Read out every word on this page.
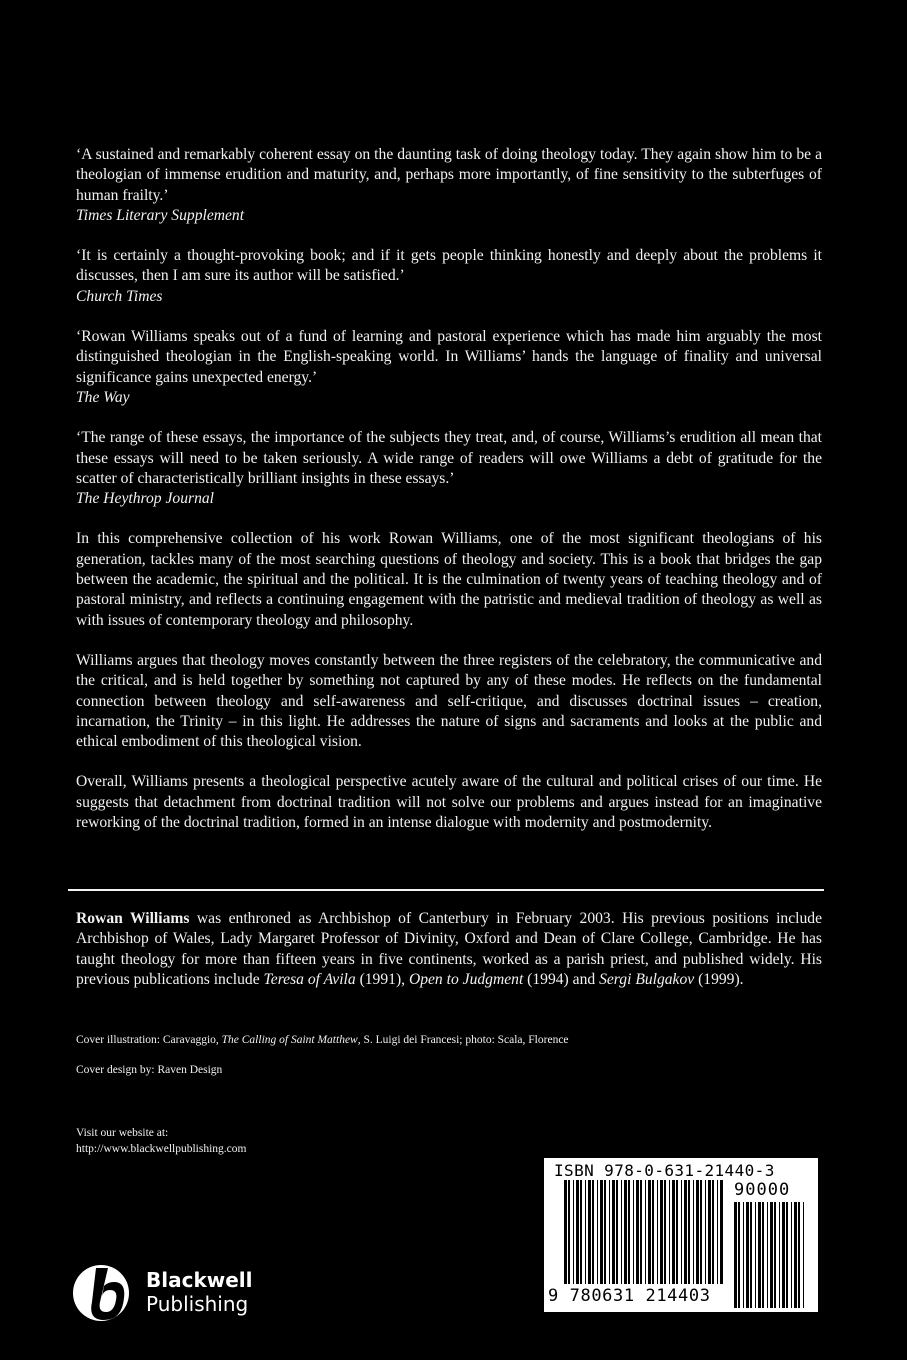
‘A sustained and remarkably coherent essay on the daunting task of doing theology today. They again show him to be a theologian of immense erudition and maturity, and, perhaps more importantly, of fine sensitivity to the subterfuges of human frailty.’

Times Literary Supplement

‘It is certainly a thought-provoking book; and if it gets people thinking honestly and deeply about the problems it discusses, then I am sure its author will be satisfied.’

Church Times

‘Rowan Williams speaks out of a fund of learning and pastoral experience which has made him arguably the most distinguished theologian in the English-speaking world. In Williams’ hands the language of finality and universal significance gains unexpected energy.’

The Way

‘The range of these essays, the importance of the subjects they treat, and, of course, Williams’s erudition all mean that these essays will need to be taken seriously. A wide range of readers will owe Williams a debt of gratitude for the scatter of characteristically brilliant insights in these essays.’

The Heythrop Journal

In this comprehensive collection of his work Rowan Williams, one of the most significant theologians of his generation, tackles many of the most searching questions of theology and society. This is a book that bridges the gap between the academic, the spiritual and the political. It is the culmination of twenty years of teaching theology and of pastoral ministry, and reflects a continuing engagement with the patristic and medieval tradition of theology as well as with issues of contemporary theology and philosophy.

Williams argues that theology moves constantly between the three registers of the celebratory, the communicative and the critical, and is held together by something not captured by any of these modes. He reflects on the fundamental connection between theology and self-awareness and self-critique, and discusses doctrinal issues – creation, incarnation, the Trinity – in this light. He addresses the nature of signs and sacraments and looks at the public and ethical embodiment of this theological vision.

Overall, Williams presents a theological perspective acutely aware of the cultural and political crises of our time. He suggests that detachment from doctrinal tradition will not solve our problems and argues instead for an imaginative reworking of the doctrinal tradition, formed in an intense dialogue with modernity and postmodernity.

Rowan Williams was enthroned as Archbishop of Canterbury in February 2003. His previous positions include Archbishop of Wales, Lady Margaret Professor of Divinity, Oxford and Dean of Clare College, Cambridge. He has taught theology for more than fifteen years in five continents, worked as a parish priest, and published widely. His previous publications include Teresa of Avila (1991), Open to Judgment (1994) and Sergi Bulgakov (1999).

Cover illustration: Caravaggio, The Calling of Saint Matthew, S. Luigi dei Francesi; photo: Scala, Florence

Cover design by: Raven Design

Visit our website at:

http://www.blackwellpublishing.com

ISBN 978-0-631-21440-3
90000
9 780631 214403
Blackwell
Publishing
